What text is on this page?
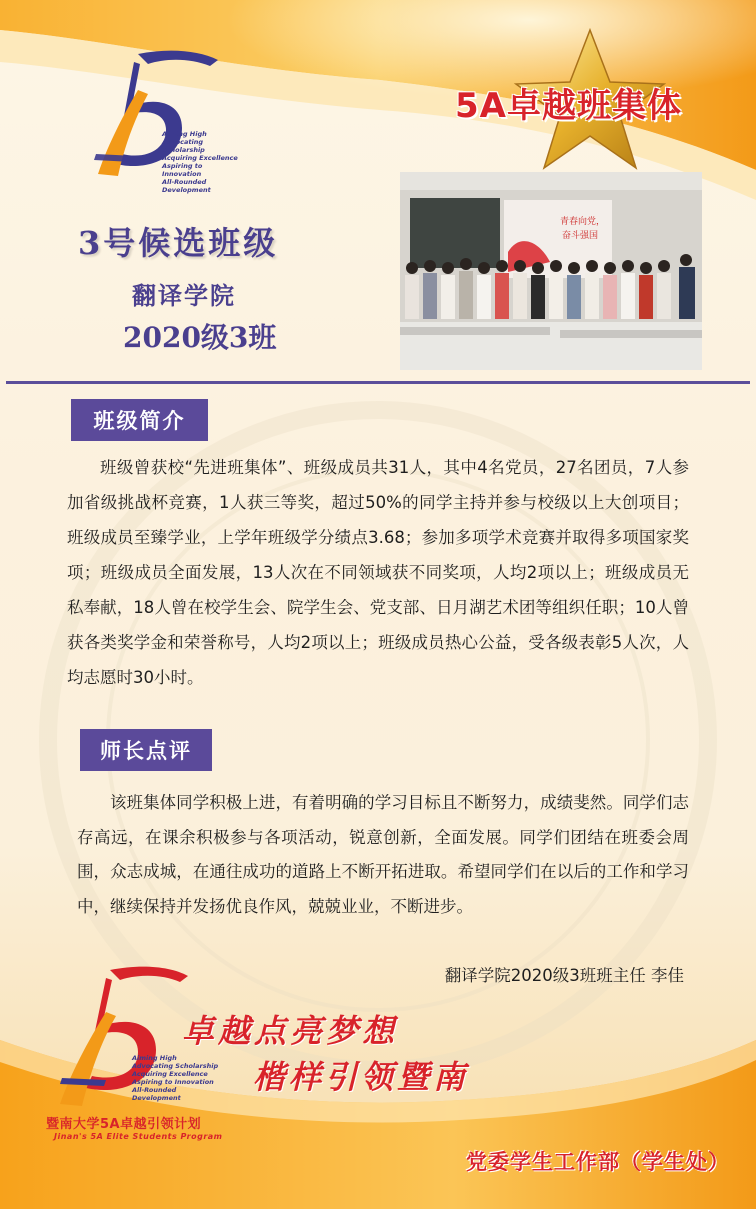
Aiming High
Advocating Scholarship
Acquiring Excellence
Aspiring to Innovation
All-Rounded Development
5A卓越班集体
3号候选班级
翻译学院
2020级3班
青春向党，
奋斗强国
班级简介

班级曾获校“先进班集体”、班级成员共31人，其中4名党员，27名团员，7人参加省级挑战杯竞赛，1人获三等奖，超过50%的同学主持并参与校级以上大创项目；班级成员至臻学业，上学年班级学分绩点3.68；参加多项学术竞赛并取得多项国家奖项；班级成员全面发展，13人次在不同领域获不同奖项，人均2项以上；班级成员无私奉献，18人曾在校学生会、院学生会、党支部、日月湖艺术团等组织任职；10人曾获各类奖学金和荣誉称号，人均2项以上；班级成员热心公益，受各级表彰5人次，人均志愿时30小时。

师长点评

该班集体同学积极上进，有着明确的学习目标且不断努力，成绩斐然。同学们志存高远，在课余积极参与各项活动，锐意创新，全面发展。同学们团结在班委会周围，众志成城，在通往成功的道路上不断开拓进取。希望同学们在以后的工作和学习中，继续保持并发扬优良作风，兢兢业业，不断进步。

翻译学院2020级3班班主任 李佳
Aiming High
Advocating Scholarship
Acquiring Excellence
Aspiring to Innovation
All-Rounded Development
暨南大学5A卓越引领计划
Jinan's 5A Elite Students Program
卓越点亮梦想
楷样引领暨南
党委学生工作部（学生处）
